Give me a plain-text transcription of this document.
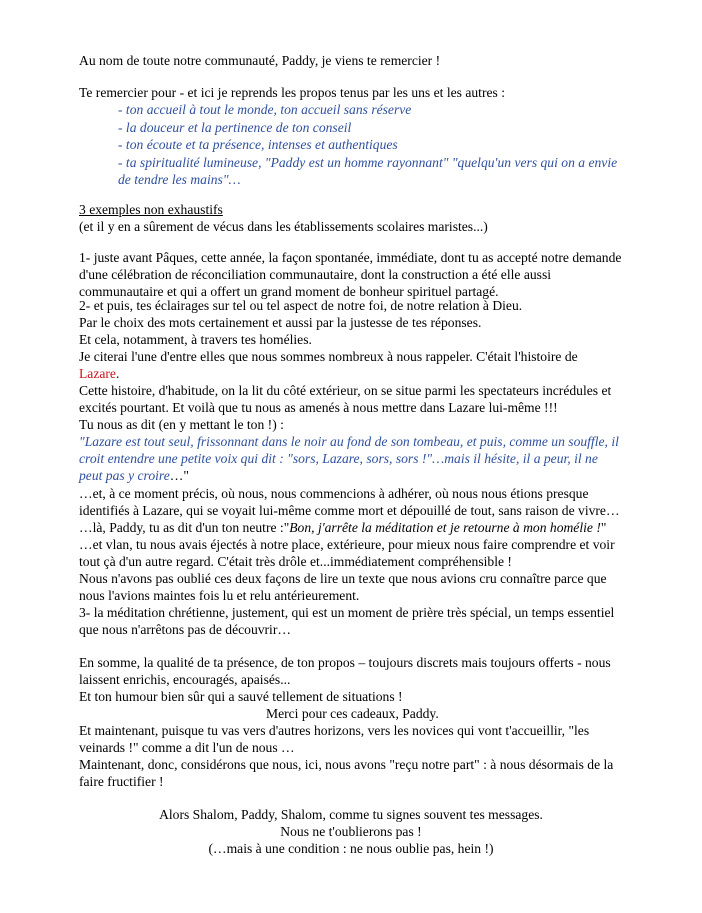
Au nom de toute notre communauté, Paddy, je viens te remercier !
Te remercier pour - et ici je reprends les propos tenus par les uns et les autres :
- ton accueil à tout le monde, ton accueil sans réserve
- la douceur et la pertinence de ton conseil
- ton écoute et ta présence, intenses et authentiques
- ta spiritualité lumineuse, "Paddy est un homme rayonnant" "quelqu'un vers qui on a envie
de tendre les mains"…
3 exemples non exhaustifs
(et il y en a sûrement de vécus dans les établissements scolaires maristes...)
1- juste avant Pâques, cette année, la façon spontanée, immédiate, dont tu as accepté notre demande
d'une célébration de réconciliation communautaire, dont la construction a été elle aussi
communautaire et qui a offert un grand moment de bonheur spirituel partagé.
2- et puis, tes éclairages sur tel ou tel aspect de notre foi, de notre relation à Dieu.
Par le choix des mots certainement et aussi par la justesse de tes réponses.
Et cela, notamment, à travers tes homélies.
Je citerai l'une d'entre elles que nous sommes nombreux à nous rappeler. C'était l'histoire de
Lazare.
Cette histoire, d'habitude, on la lit du côté extérieur, on se situe parmi les spectateurs incrédules et
excités pourtant. Et voilà que tu nous as amenés à nous mettre dans Lazare lui-même !!!
Tu nous as dit (en y mettant le ton !) :
"Lazare est tout seul, frissonnant dans le noir au fond de son tombeau, et puis, comme un souffle, il
croit entendre une petite voix qui dit : "sors, Lazare, sors, sors !"…mais il hésite, il a peur, il ne
peut pas y croire…"
…et, à ce moment précis, où nous, nous commencions à adhérer, où nous nous étions presque
identifiés à Lazare, qui se voyait lui-même comme mort et dépouillé de tout, sans raison de vivre…
…là, Paddy, tu as dit d'un ton neutre :"Bon, j'arrête la méditation et je retourne à mon homélie !"
…et vlan, tu nous avais éjectés à notre place, extérieure, pour mieux nous faire comprendre et voir
tout çà d'un autre regard. C'était très drôle et...immédiatement compréhensible !
Nous n'avons pas oublié ces deux façons de lire un texte que nous avions cru connaître parce que
nous l'avions maintes fois lu et relu antérieurement.
3- la méditation chrétienne, justement, qui est un moment de prière très spécial, un temps essentiel
que nous n'arrêtons pas de découvrir…
En somme, la qualité de ta présence, de ton propos – toujours discrets mais toujours offerts - nous
laissent enrichis, encouragés, apaisés...
Et ton humour bien sûr qui a sauvé tellement de situations !
Merci pour ces cadeaux, Paddy.
Et maintenant, puisque tu vas vers d'autres horizons, vers les novices qui vont t'accueillir, "les
veinards !" comme a dit l'un de nous …
Maintenant, donc, considérons que nous, ici, nous avons "reçu notre part" : à nous désormais de la
faire fructifier !
Alors Shalom, Paddy, Shalom, comme tu signes souvent tes messages.
Nous ne t'oublierons pas !
(…mais à une condition : ne nous oublie pas, hein !)
